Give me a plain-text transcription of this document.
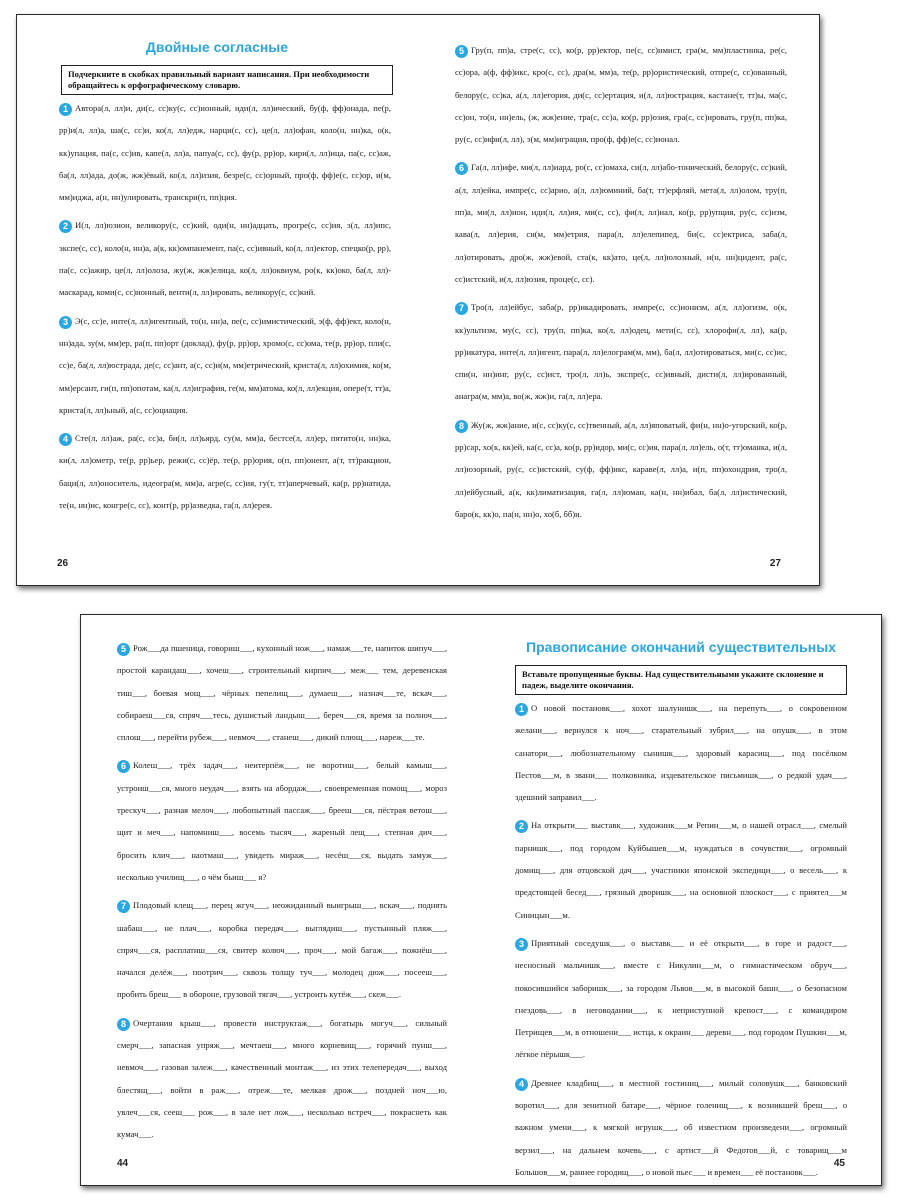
Двойные согласные
Подчеркните в скобках правильный вариант написания. При необходимости обращайтесь к орфографическому словарю.
1 Автора(л, лл)и, ди(с, сс)ку(с, сс)ионный, иди(л, лл)ический, бу(ф, фф)онада, пе(р, рр)и(л, лл)а, ша(с, сс)и, ко(л, лл)едж, нарци(с, сс), це(л, лл)офан, коло(н, нн)ка, о(к, кк)упация, па(с, сс)ив, капе(л, лл)а, папуа(с, сс), фу(р, рр)ор, кири(л, лл)ица, па(с, сс)аж, ба(л, лл)ада, до(ж, жж)ёвый, ко(л, лл)изия, безре(с, сс)орный, про(ф, фф)е(с, сс)ор, и(м, мм)иджа, а(н, нн)улировать, транскри(п, пп)ция.
2 И(л, лл)юзион, великору(с, сс)кий, оди(н, нн)адцать, прогре(с, сс)ия, э(л, лл)ипс, экспе(с, сс), коло(н, нн)а, а(к, кк)омпанемент, па(с, сс)ивный, ко(л, лл)ектор, спецко(р, рр), па(с, сс)ажир, це(л, лл)олоза, жу(ж, жж)елица, ко(л, лл)оквиум, ро(к, кк)око, ба(л, лл)-маскарад, коми(с, сс)ионный, венти(л, лл)ировать, великору(с, сс)кий.
3 Э(с, сс)е, инте(л, лл)игентный, то(н, нн)а, пе(с, сс)имистический, э(ф, фф)ект, коло(н, нн)ада, зу(м, мм)ер, ра(п, пп)орт (доклад), фу(р, рр)ор, хромо(с, сс)ома, те(р, рр)ор, пли(с, сс)е, ба(л, лл)юстрада, де(с, сс)ант, а(с, сс)и(м, мм)етрический, криста(л, лл)охимия, ко(м, мм)ерсант, ги(п, пп)опотам, ка(л, лл)играфия, ге(м, мм)атома, ко(л, лл)екция, опере(т, тт)а, криста(л, лл)ьный, а(с, сс)оциация.
4 Сте(л, лл)аж, ра(с, сс)а, би(л, лл)ьярд, су(м, мм)а, бестсе(л, лл)ер, пятито(н, нн)ка, ки(л, лл)ометр, те(р, рр)ьер, режи(с, сс)ёр, те(р, рр)ория, о(п, пп)онент, а(т, тт)ракцион, баци(л, лл)оноситель, идеогра(м, мм)а, агре(с, сс)ия, гу(т, тт)аперчевый, ка(р, рр)натида, те(н, нн)ис, конгре(с, сс), конт(р, рр)азведка, га(л, лл)ерея.
26
5 Гру(п, пп)а, стре(с, сс), ко(р, рр)ектор, пе(с, сс)имист, гра(м, мм)пластинка, ре(с, сс)ора, а(ф, фф)икс, кро(с, сс), дра(м, мм)а, те(р, рр)ористический, отпре(с, сс)ованный, белору(с, сс)ка, а(л, лл)егория, ди(с, сс)ертация, и(л, лл)юстрация, кастане(т, тт)ы, ма(с, сс)он, то(н, нн)ель, (ж, жж)ение, тра(с, сс)а, ко(р, рр)озия, гра(с, сс)ировать, гру(п, пп)ка, ру(с, сс)ифи(л, лл), э(м, мм)играция, про(ф, фф)е(с, сс)ионал.
6 Га(л, лл)ифе, ми(л, лл)иард, ро(с, сс)омаха, си(л, лл)або-тонический, белору(с, сс)кий, а(л, лл)ейка, импре(с, сс)арио, а(л, лл)юминий, ба(т, тт)ерфляй, мета(л, лл)олом, тру(п, пп)а, ми(л, лл)ион, иди(л, лл)ия, ми(с, сс), фи(л, лл)иал, ко(р, рр)упция, ру(с, сс)изм, кава(л, лл)ерия, си(м, мм)етрия, пара(л, лл)елепипед, би(с, сс)ектриса, заба(л, лл)отировать, дро(ж, жж)евой, ста(к, кк)ато, це(л, лл)юлозный, и(н, нн)цидент, ра(с, сс)истский, и(л, лл)юзия, проце(с, сс).
7 Тро(л, лл)ейбус, заба(р, рр)икадировать, импре(с, сс)ионизм, а(л, лл)огизм, о(к, кк)ультизм, му(с, сс), тру(п, пп)ка, ко(л, лл)одец, мети(с, сс), хлорофи(л, лл), ка(р, рр)икатура, инте(л, лл)игент, пара(л, лл)елограм(м, мм), ба(л, лл)отироваться, ми(с, сс)ис, спи(н, нн)инг, ру(с, сс)ист, тро(л, лл)ь, экспре(с, сс)ивный, дисти(л, лл)ированный, анагра(м, мм)а, во(ж, жж)и, га(л, лл)ера.
8 Жу(ж, жж)ание, и(с, сс)ку(с, сс)твенный, а(л, лл)яповатый, фи(н, нн)о-угорский, ко(р, рр)сар, хо(к, кк)ей, ка(с, сс)а, ко(р, рр)идор, ми(с, сс)ия, пара(л, лл)ель, о(т, тт)оманка, и(л, лл)юзорный, ру(с, сс)истский, су(ф, фф)икс, караве(л, лл)а, и(п, пп)охондрия, тро(л, лл)ейбусный, а(к, кк)лиматизация, га(л, лл)юман, ка(н, нн)ибал, ба(л, лл)истический, баро(к, кк)о, па(н, нн)о, хо(б, бб)и.
27
5 Рож___да пшеница, говориш___, кухонный нож___, намаж___те, напиток шипуч___, простой карандаш___, хочеш___, строительный кирпич___, меж___ тем, деревенская тиш___, боевая мощ___, чёрных пепелищ___, думаеш___, назнач___те, вскач___, собираеш___ся, спряч___тесь, душистый ландыш___, береч___ся, время за полноч___, сплош___, перейти рубеж___, невмоч___, станеш___, дикий плющ___, нареж___те.
6 Колеш___, трёх задач___, неитерпёж___, не воротиш___, белый камыш___, устроиш___ся, много неудач___, взять на абордаж___, своевременная помощ___, мороз трескуч___, разная мелоч___, любопытный пассаж___, брееш___ся, пёстрая ветош___, щит и меч___, напомниш___, восемь тысяч___, жареный лещ___, степная дич___, бросить клич___, наотмаш___, увидеть мираж___, несёш___ся, выдать замуж___, несколько училищ___, о чём бьиш___ я?
7 Плодовый клещ___, перец жгуч___, неожиданный выигрыш___, вскач___, поднять шабаш___, не плач___, коробка передач___, выглядиш___, пустынный пляж___, спряч___ся, расплатиш___ся, свитер колюч___, проч___, мой багаж___, пожнёш___, начался делёж___, поотрич___, сквозь толщу туч___, молодец дюж___, посееш___, пробить бреш___ в обороне, грузовой тягач___, устроить кутёж___, скеж___.
8 Очертания крыш___, провести инструктаж___, богатырь могуч___, сильный смерч___, запасная упряж___, мечтаеш___, много корневищ___, горячий пунш___, невмоч___, газовая залеж___, качественный монтаж___, из этих телепередач___, выход блестящ___, войти в раж___, отреж___те, мелкая дрож___, поздней ноч___ю, увлеч___ся, сееш___ рож___, в зале нет лож___, несколько встреч___, покраснеть как кумач___.
44
Правописание окончаний существительных
Вставьте пропущенные буквы. Над существительными укажите склонение и падеж, выделите окончания.
1 О новой постановк___, хохот шалунишк___, на перепуть___, о сокровенном желани___, вернулся к ноч___, старательный зубрил___, на опушк___, в этом санатори___, любознательному сынишк___, здоровый карасищ___, под посёлком Пестов___м, в звани___ полковника, издевательское письмишк___, о редкой удач___, здешний заправил___.
2 На открыти___ выставк___, художник___м Репин___м, о нашей отрасл___, смелый парнишк___, под городом Куйбышев___м, нуждаться в сочувстви___, огромный домищ___, для отцовской дач___, участники японской экспедици___, о весель___, к предстоящей бесед___, грязный дворишк___, на основной плоскост___, с приятел___м Синицын___м.
3 Приятный соседушк___, о выставк___ и её открыти___, в горе и радост___, несносный мальчишк___, вместе с Никулин___м, о гимнастическом обруч___, покосившийся заборишк___, за городом Львов___м, в высокой башн___, о безопасном гнездовь___, в неговодании___, к неприступной крепост___, с командиром Петрищев___м, в отношени___ истца, к окраин___ деревн___, под городом Пушкин___м, лёгкое пёрышк___.
4 Древнее кладбищ___, в местной гостиниц___, милый соловушк___, банковский воротил___, для зенитной батаре___, чёрное голенищ___, к возникшей бреш___, о важном умени___, к мягкой игрушк___, об известном произведени___, огромный верзил___, на дальнем кочевь___, с артист___й Федотов___й, с товарищ___м Большов___м, раннее городищ___, о новой пьес___ и времен___ её постановк___.
45
